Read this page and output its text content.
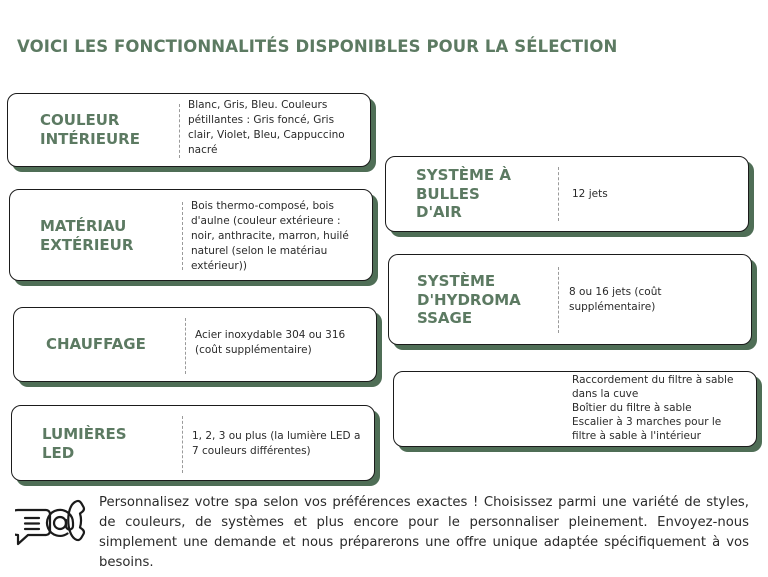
VOICI LES FONCTIONNALITÉS DISPONIBLES POUR LA SÉLECTION
COULEUR
INTÉRIEURE
Blanc, Gris, Bleu. Couleurs pétillantes : Gris foncé, Gris clair, Violet, Bleu, Cappuccino nacré
MATÉRIAU
EXTÉRIEUR
Bois thermo-composé, bois d'aulne (couleur extérieure : noir, anthracite, marron, huilé naturel (selon le matériau extérieur))
CHAUFFAGE	Acier inoxydable 304 ou 316 (coût supplémentaire)
LUMIÈRES
LED
1, 2, 3 ou plus (la lumière LED a 7 couleurs différentes)
SYSTÈME À
BULLES
D'AIR
12 jets
SYSTÈME
D'HYDROMA
SSAGE
8 ou 16 jets (coût supplémentaire)
Raccordement du filtre à sable
dans la cuve
Boîtier du filtre à sable
Escalier à 3 marches pour le
filtre à sable à l'intérieur
Personnalisez votre spa selon vos préférences exactes ! Choisissez parmi une variété de styles, de couleurs, de systèmes et plus encore pour le personnaliser pleinement. Envoyez-nous simplement une demande et nous préparerons une offre unique adaptée spécifiquement à vos besoins.
